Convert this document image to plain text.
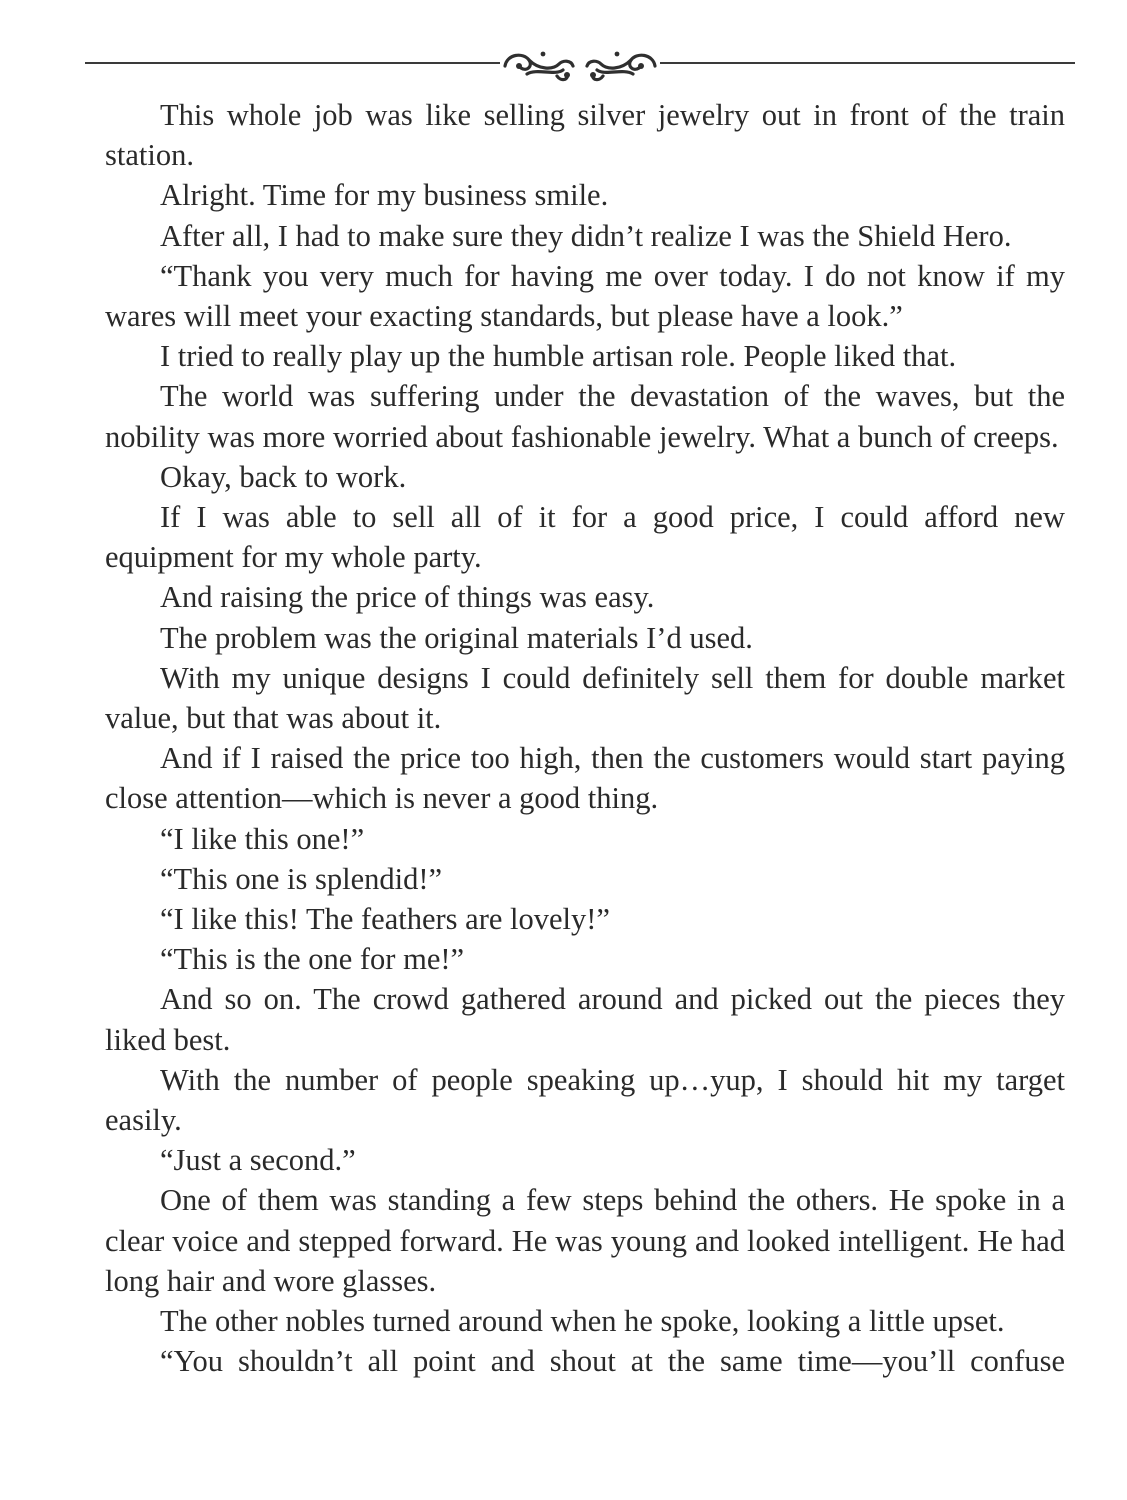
This whole job was like selling silver jewelry out in front of the train station.

Alright. Time for my business smile.

After all, I had to make sure they didn’t realize I was the Shield Hero.

“Thank you very much for having me over today. I do not know if my wares will meet your exacting standards, but please have a look.”

I tried to really play up the humble artisan role. People liked that.

The world was suffering under the devastation of the waves, but the nobility was more worried about fashionable jewelry. What a bunch of creeps.

Okay, back to work.

If I was able to sell all of it for a good price, I could afford new equipment for my whole party.

And raising the price of things was easy.

The problem was the original materials I’d used.

With my unique designs I could definitely sell them for double market value, but that was about it.

And if I raised the price too high, then the customers would start paying close attention—which is never a good thing.

“I like this one!”

“This one is splendid!”

“I like this! The feathers are lovely!”

“This is the one for me!”

And so on. The crowd gathered around and picked out the pieces they liked best.

With the number of people speaking up…yup, I should hit my target easily.

“Just a second.”

One of them was standing a few steps behind the others. He spoke in a clear voice and stepped forward. He was young and looked intelligent. He had long hair and wore glasses.

The other nobles turned around when he spoke, looking a little upset.

“You shouldn’t all point and shout at the same time—you’ll confuse
